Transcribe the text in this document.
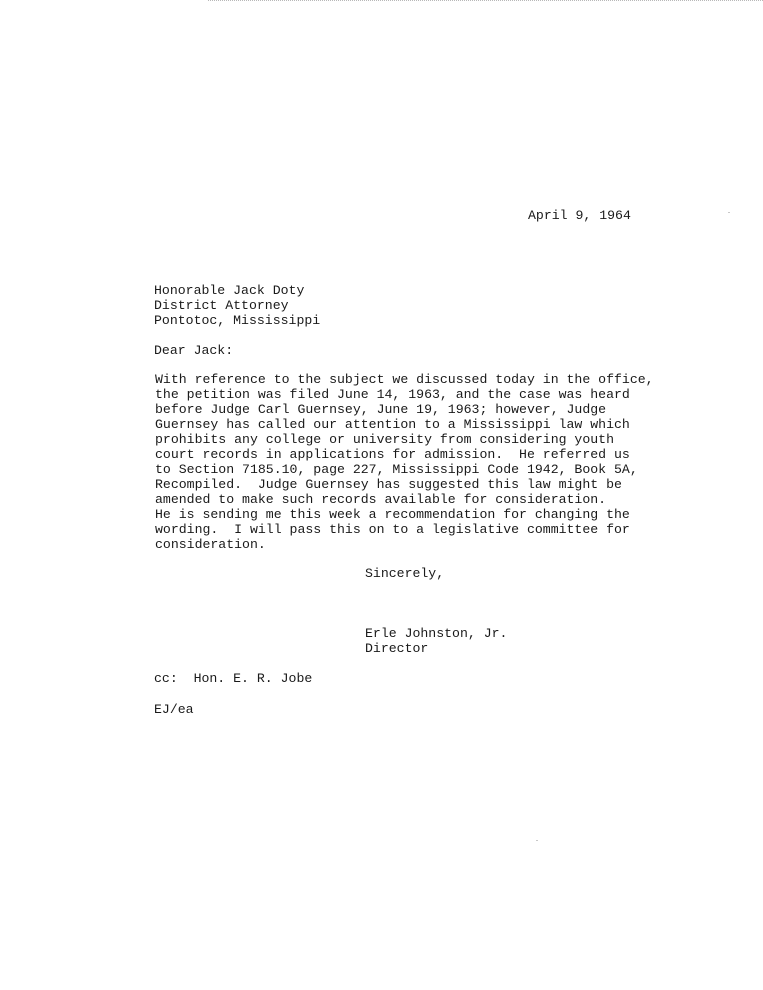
April 9, 1964
Honorable Jack Doty
District Attorney
Pontotoc, Mississippi
Dear Jack:
With reference to the subject we discussed today in the office,
the petition was filed June 14, 1963, and the case was heard
before Judge Carl Guernsey, June 19, 1963; however, Judge
Guernsey has called our attention to a Mississippi law which
prohibits any college or university from considering youth
court records in applications for admission.  He referred us
to Section 7185.10, page 227, Mississippi Code 1942, Book 5A,
Recompiled.  Judge Guernsey has suggested this law might be
amended to make such records available for consideration.
He is sending me this week a recommendation for changing the
wording.  I will pass this on to a legislative committee for
consideration.
Sincerely,
Erle Johnston, Jr.
Director
cc:  Hon. E. R. Jobe
EJ/ea
